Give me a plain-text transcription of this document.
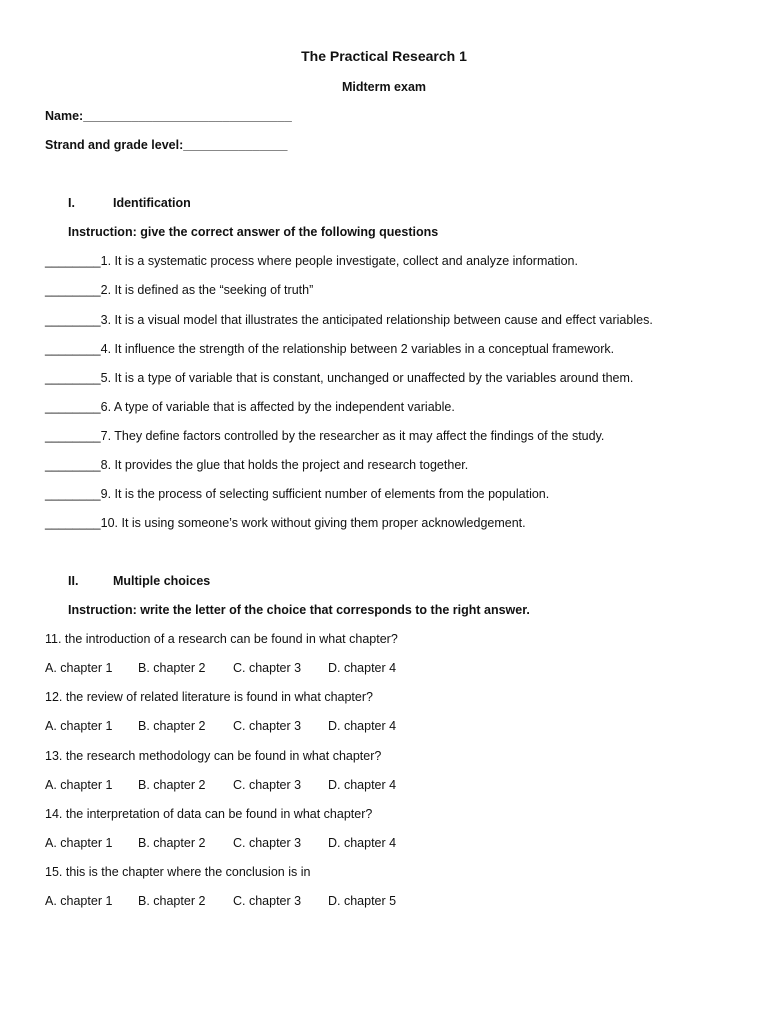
The Practical Research 1
Midterm exam
Name:______________________________
Strand and grade level:_______________
I.	Identification
Instruction: give the correct answer of the following questions
________1. It is a systematic process where people investigate, collect and analyze information.
________2. It is defined as the “seeking of truth”
________3. It is a visual model that illustrates the anticipated relationship between cause and effect variables.
________4. It influence the strength of the relationship between 2 variables in a conceptual framework.
________5. It is a type of variable that is constant, unchanged or unaffected by the variables around them.
________6. A type of variable that is affected by the independent variable.
________7. They define factors controlled by the researcher as it may affect the findings of the study.
________8. It provides the glue that holds the project and research together.
________9. It is the process of selecting sufficient number of elements from the population.
________10. It is using someone’s work without giving them proper acknowledgement.
II.	Multiple choices
Instruction: write the letter of the choice that corresponds to the right answer.
11. the introduction of a research can be found in what chapter?
A. chapter 1 B. chapter 2 C. chapter 3 D. chapter 4
12. the review of related literature is found in what chapter?
A. chapter 1 B. chapter 2 C. chapter 3 D. chapter 4
13. the research methodology can be found in what chapter?
A. chapter 1 B. chapter 2 C. chapter 3 D. chapter 4
14. the interpretation of data can be found in what chapter?
A. chapter 1 B. chapter 2 C. chapter 3 D. chapter 4
15. this is the chapter where the conclusion is in
A. chapter 1 B. chapter 2 C. chapter 3 D. chapter 5
